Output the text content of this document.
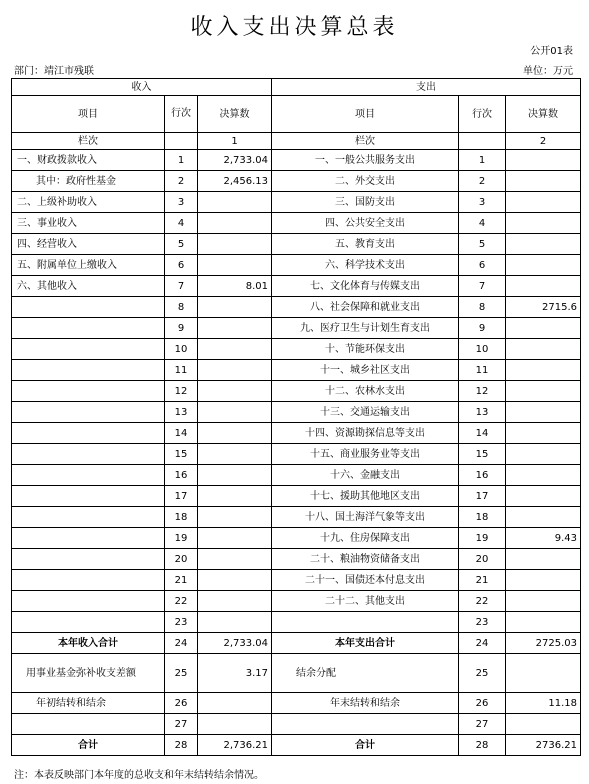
收入支出决算总表
公开01表
部门：靖江市残联	单位：万元
收入			支出		
项目	行次	决算数	项目	行次	决算数
栏次		1	栏次		2
一、财政拨款收入	1	2,733.04	一、一般公共服务支出	1	
其中：政府性基金	2	2,456.13	二、外交支出	2	
二、上级补助收入	3		三、国防支出	3	
三、事业收入	4		四、公共安全支出	4	
四、经营收入	5		五、教育支出	5	
五、附属单位上缴收入	6		六、科学技术支出	6	
六、其他收入	7	8.01	七、文化体育与传媒支出	7	
	8		八、社会保障和就业支出	8	2715.6
	9		九、医疗卫生与计划生育支出	9	
	10		十、节能环保支出	10	
	11		十一、城乡社区支出	11	
	12		十二、农林水支出	12	
	13		十三、交通运输支出	13	
	14		十四、资源勘探信息等支出	14	
	15		十五、商业服务业等支出	15	
	16		十六、金融支出	16	
	17		十七、援助其他地区支出	17	
	18		十八、国土海洋气象等支出	18	
	19		十九、住房保障支出	19	9.43
	20		二十、粮油物资储备支出	20	
	21		二十一、国债还本付息支出	21	
	22		二十二、其他支出	22	
	23			23	
本年收入合计	24	2,733.04	本年支出合计	24	2725.03
用事业基金弥补收支差额	25	3.17	结余分配	25	
年初结转和结余	26		年末结转和结余	26	11.18
	27			27	
合计	28	2,736.21	合计	28	2736.21
注：本表反映部门本年度的总收支和年末结转结余情况。
